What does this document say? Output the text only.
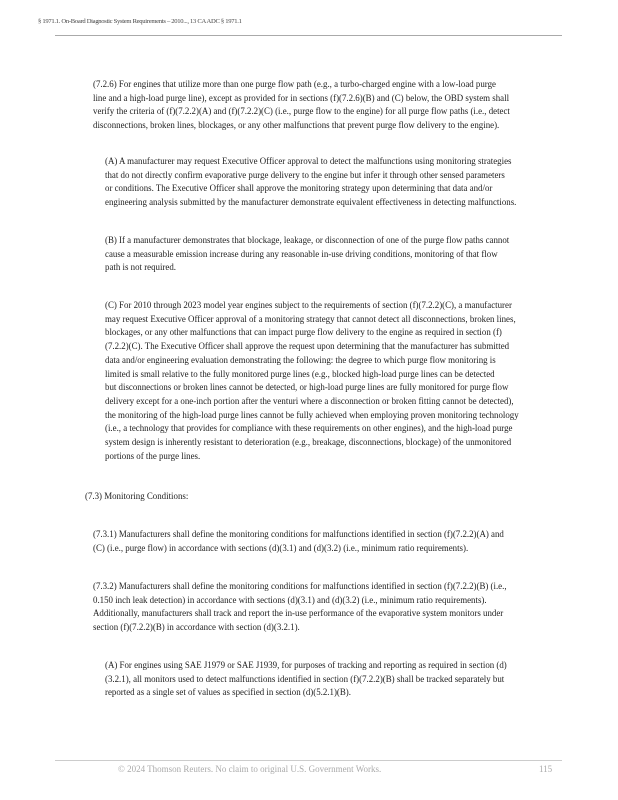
§ 1971.1. On-Board Diagnostic System Requirements – 2010..., 13 CA ADC § 1971.1
(7.2.6) For engines that utilize more than one purge flow path (e.g., a turbo-charged engine with a low-load purge
line and a high-load purge line), except as provided for in sections (f)(7.2.6)(B) and (C) below, the OBD system shall
verify the criteria of (f)(7.2.2)(A) and (f)(7.2.2)(C) (i.e., purge flow to the engine) for all purge flow paths (i.e., detect
disconnections, broken lines, blockages, or any other malfunctions that prevent purge flow delivery to the engine).
(A) A manufacturer may request Executive Officer approval to detect the malfunctions using monitoring strategies
that do not directly confirm evaporative purge delivery to the engine but infer it through other sensed parameters
or conditions. The Executive Officer shall approve the monitoring strategy upon determining that data and/or
engineering analysis submitted by the manufacturer demonstrate equivalent effectiveness in detecting malfunctions.
(B) If a manufacturer demonstrates that blockage, leakage, or disconnection of one of the purge flow paths cannot
cause a measurable emission increase during any reasonable in-use driving conditions, monitoring of that flow
path is not required.
(C) For 2010 through 2023 model year engines subject to the requirements of section (f)(7.2.2)(C), a manufacturer
may request Executive Officer approval of a monitoring strategy that cannot detect all disconnections, broken lines,
blockages, or any other malfunctions that can impact purge flow delivery to the engine as required in section (f)
(7.2.2)(C). The Executive Officer shall approve the request upon determining that the manufacturer has submitted
data and/or engineering evaluation demonstrating the following: the degree to which purge flow monitoring is
limited is small relative to the fully monitored purge lines (e.g., blocked high-load purge lines can be detected
but disconnections or broken lines cannot be detected, or high-load purge lines are fully monitored for purge flow
delivery except for a one-inch portion after the venturi where a disconnection or broken fitting cannot be detected),
the monitoring of the high-load purge lines cannot be fully achieved when employing proven monitoring technology
(i.e., a technology that provides for compliance with these requirements on other engines), and the high-load purge
system design is inherently resistant to deterioration (e.g., breakage, disconnections, blockage) of the unmonitored
portions of the purge lines.
(7.3) Monitoring Conditions:
(7.3.1) Manufacturers shall define the monitoring conditions for malfunctions identified in section (f)(7.2.2)(A) and
(C) (i.e., purge flow) in accordance with sections (d)(3.1) and (d)(3.2) (i.e., minimum ratio requirements).
(7.3.2) Manufacturers shall define the monitoring conditions for malfunctions identified in section (f)(7.2.2)(B) (i.e.,
0.150 inch leak detection) in accordance with sections (d)(3.1) and (d)(3.2) (i.e., minimum ratio requirements).
Additionally, manufacturers shall track and report the in-use performance of the evaporative system monitors under
section (f)(7.2.2)(B) in accordance with section (d)(3.2.1).
(A) For engines using SAE J1979 or SAE J1939, for purposes of tracking and reporting as required in section (d)
(3.2.1), all monitors used to detect malfunctions identified in section (f)(7.2.2)(B) shall be tracked separately but
reported as a single set of values as specified in section (d)(5.2.1)(B).
© 2024 Thomson Reuters. No claim to original U.S. Government Works.	115
